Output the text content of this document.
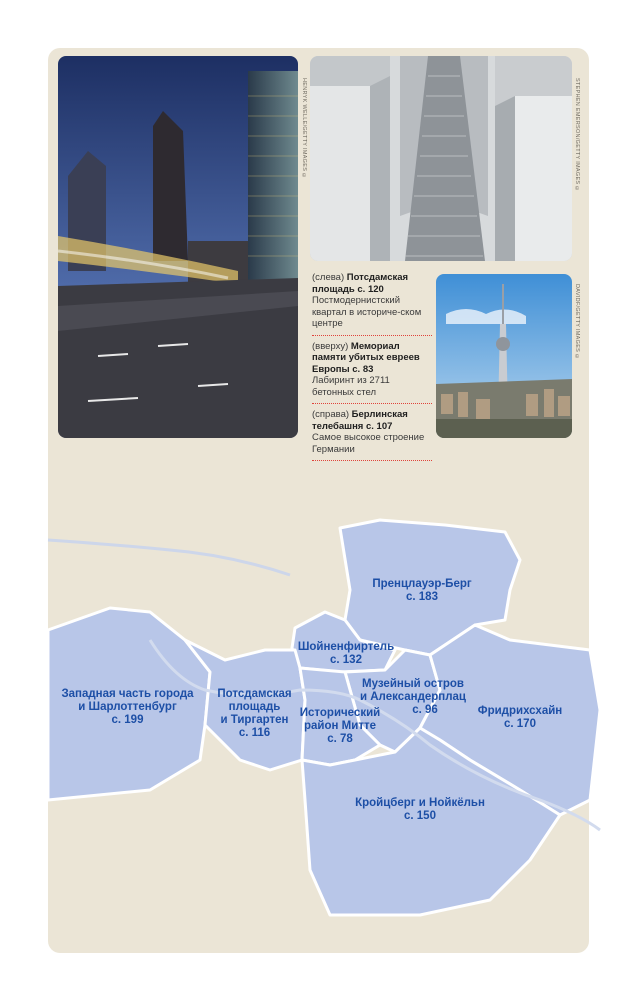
HENRYK WELLE/GETTY IMAGES ©	STEPHEN EMERSON/GETTY IMAGES ©
DAVIDF/GETTY IMAGES ©
(слева) Потсдамская площадь с. 120
Постмодернистский квартал в историче-ском центре
(вверху) Мемориал памяти убитых евреев Европы с. 83
Лабиринт из 2711 бетонных стел
(справа) Берлинская телебашня с. 107
Самое высокое строение Германии
Пренцлауэр-Берг
с. 183
Шойненфиртель
с. 132
Музейный остров
и Александерплац
с. 96
Западная часть города
и Шарлоттенбург
с. 199
Потсдамская
площадь
и Тиргартен
с. 116
Исторический
район Митте
с. 78
Фридрихсхайн
с. 170
Кройцберг и Нойкёльн
с. 150
